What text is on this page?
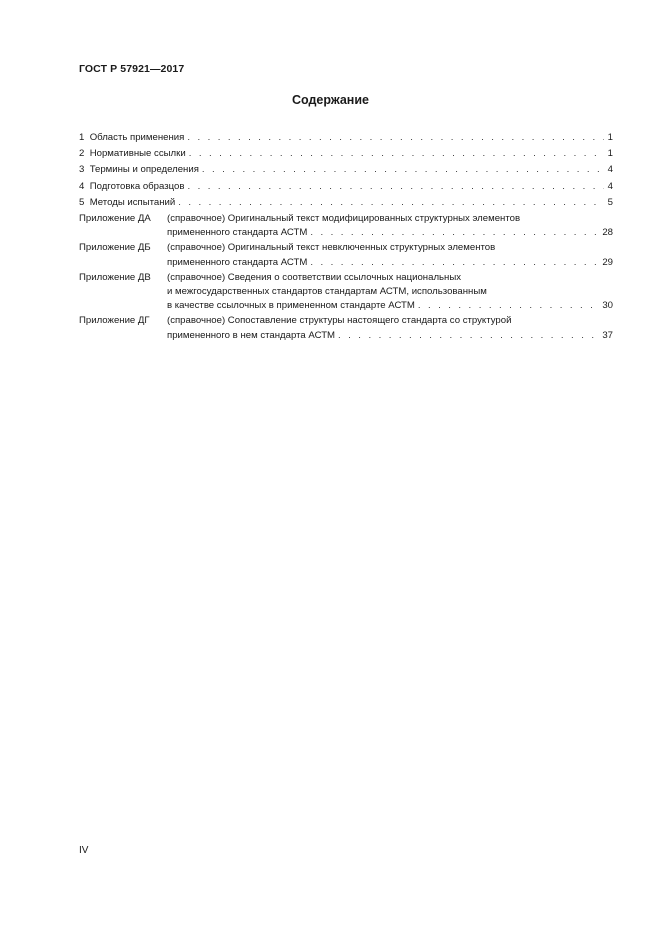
ГОСТ Р 57921—2017
Содержание
1 Область применения . . .	1
2 Нормативные ссылки . . .	1
3 Термины и определения . . .	4
4 Подготовка образцов . . .	4
5 Методы испытаний . . .	5
Приложение ДА	(справочное) Оригинальный текст модифицированных структурных элементов
примененного стандарта АСТМ . . .	28
Приложение ДБ	(справочное) Оригинальный текст невключенных структурных элементов
примененного стандарта АСТМ . . .	29
Приложение ДВ	(справочное) Сведения о соответствии ссылочных национальных
и межгосударственных стандартов стандартам АСТМ, использованным
в качестве ссылочных в примененном стандарте АСТМ . . .	30
Приложение ДГ	(справочное) Сопоставление структуры настоящего стандарта со структурой
примененного в нем стандарта АСТМ . . .	37
IV
